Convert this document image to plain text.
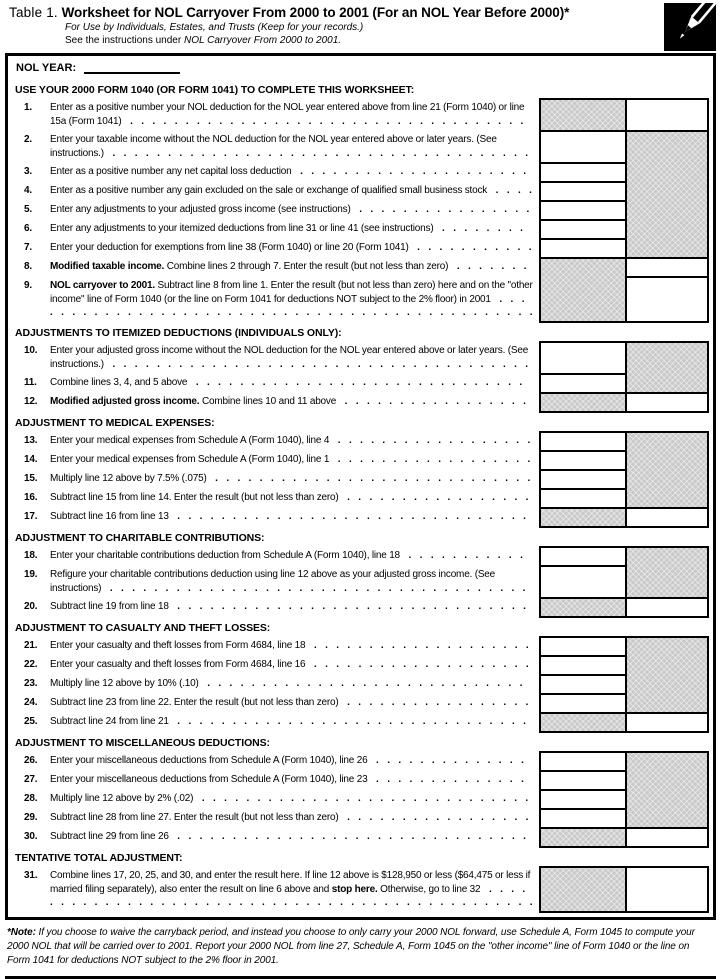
Table 1. Worksheet for NOL Carryover From 2000 to 2001 (For an NOL Year Before 2000)*
For Use by Individuals, Estates, and Trusts (Keep for your records.)
See the instructions under NOL Carryover From 2000 to 2001.
NOL YEAR:
USE YOUR 2000 FORM 1040 (OR FORM 1041) TO COMPLETE THIS WORKSHEET:		

1. Enter as a positive number your NOL deduction for the NOL year entered above from line 21 (Form 1040) or line 15a (Form 1041) . . .

2. Enter your taxable income without the NOL deduction for the NOL year entered above or later years. (See instructions.) . . .

3. Enter as a positive number any net capital loss deduction . . .

4. Enter as a positive number any gain excluded on the sale or exchange of qualified small business stock . . .

5. Enter any adjustments to your adjusted gross income (see instructions) . . .

6. Enter any adjustments to your itemized deductions from line 31 or line 41 (see instructions) . . .

7. Enter your deduction for exemptions from line 38 (Form 1040) or line 20 (Form 1041) . . .

8. Modified taxable income. Combine lines 2 through 7. Enter the result (but not less than zero) . . .

9. NOL carryover to 2001. Subtract line 8 from line 1. Enter the result (but not less than zero) here and on the "other income" line of Form 1040 (or the line on Form 1041 for deductions NOT subject to the 2% floor) in 2001 . . .

ADJUSTMENTS TO ITEMIZED DEDUCTIONS (INDIVIDUALS ONLY):		

10. Enter your adjusted gross income without the NOL deduction for the NOL year entered above or later years. (See instructions.) . . .

11. Combine lines 3, 4, and 5 above . . .

12. Modified adjusted gross income. Combine lines 10 and 11 above . . .

ADJUSTMENT TO MEDICAL EXPENSES:		

13. Enter your medical expenses from Schedule A (Form 1040), line 4 . . .

14. Enter your medical expenses from Schedule A (Form 1040), line 1 . . .

15. Multiply line 12 above by 7.5% (.075) . . .

16. Subtract line 15 from line 14. Enter the result (but not less than zero) . . .

17. Subtract line 16 from line 13 . . .

ADJUSTMENT TO CHARITABLE CONTRIBUTIONS:		

18. Enter your charitable contributions deduction from Schedule A (Form 1040), line 18 . . .

19. Refigure your charitable contributions deduction using line 12 above as your adjusted gross income. (See instructions) . . .

20. Subtract line 19 from line 18 . . .

ADJUSTMENT TO CASUALTY AND THEFT LOSSES:		

21. Enter your casualty and theft losses from Form 4684, line 18 . . .

22. Enter your casualty and theft losses from Form 4684, line 16 . . .

23. Multiply line 12 above by 10% (.10) . . .

24. Subtract line 23 from line 22. Enter the result (but not less than zero) . . .

25. Subtract line 24 from line 21 . . .

ADJUSTMENT TO MISCELLANEOUS DEDUCTIONS:		

26. Enter your miscellaneous deductions from Schedule A (Form 1040), line 26 . . .

27. Enter your miscellaneous deductions from Schedule A (Form 1040), line 23 . . .

28. Multiply line 12 above by 2% (.02) . . .

29. Subtract line 28 from line 27. Enter the result (but not less than zero) . . .

30. Subtract line 29 from line 26 . . .

TENTATIVE TOTAL ADJUSTMENT:		

31. Combine lines 17, 20, 25, and 30, and enter the result here. If line 12 above is $128,950 or less ($64,475 or less if married filing separately), also enter the result on line 6 above and stop here. Otherwise, go to line 32 . . .

*Note: If you choose to waive the carryback period, and instead you choose to only carry your 2000 NOL forward, use Schedule A, Form 1045 to compute your 2000 NOL that will be carried over to 2001. Report your 2000 NOL from line 27, Schedule A, Form 1045 on the "other income" line of Form 1040 or the line on Form 1041 for deductions NOT subject to the 2% floor in 2001.
